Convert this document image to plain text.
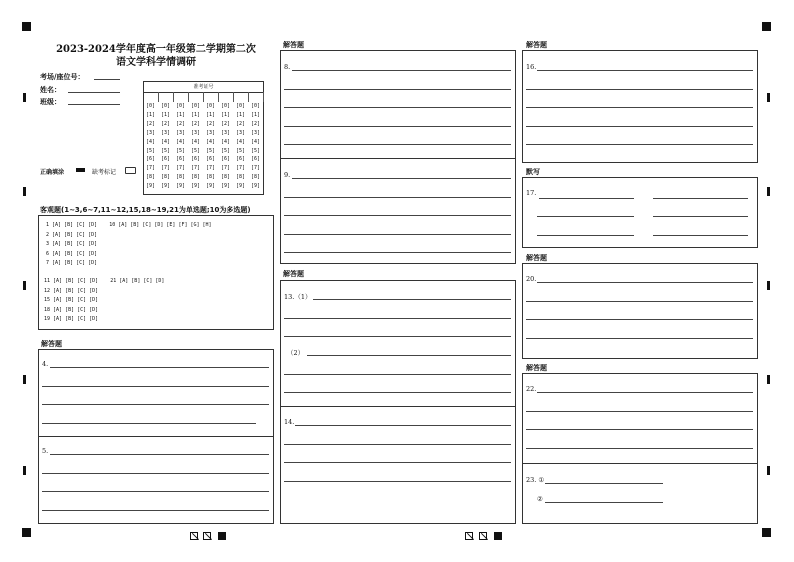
2023-2024学年度高一年级第二学期第二次
语文学科学情调研
考场/座位号：
姓名：
班级：
准考证号
[0]
[1]
[2]
[3]
[4]
[5]
[6]
[7]
[8]
[9]
[0]
[1]
[2]
[3]
[4]
[5]
[6]
[7]
[8]
[9]
[0]
[1]
[2]
[3]
[4]
[5]
[6]
[7]
[8]
[9]
[0]
[1]
[2]
[3]
[4]
[5]
[6]
[7]
[8]
[9]
[0]
[1]
[2]
[3]
[4]
[5]
[6]
[7]
[8]
[9]
[0]
[1]
[2]
[3]
[4]
[5]
[6]
[7]
[8]
[9]
[0]
[1]
[2]
[3]
[4]
[5]
[6]
[7]
[8]
[9]
[0]
[1]
[2]
[3]
[4]
[5]
[6]
[7]
[8]
[9]
正确填涂	缺考标记
客观题(1~3,6~7,11~12,15,18~19,21为单选题;10为多选题)
1 [A] [B] [C] [D]    10 [A] [B] [C] [D] [E] [F] [G] [H]
2 [A] [B] [C] [D]
3 [A] [B] [C] [D]
6 [A] [B] [C] [D]
7 [A] [B] [C] [D]
11 [A] [B] [C] [D]    21 [A] [B] [C] [D]
12 [A] [B] [C] [D]
15 [A] [B] [C] [D]
18 [A] [B] [C] [D]
19 [A] [B] [C] [D]
解答题
4.
5.
解答题
8.
9.
解答题
13.（1）
（2）
14.
解答题
16.
默写
17.
解答题
20.
解答题
22.
23. ①
②
